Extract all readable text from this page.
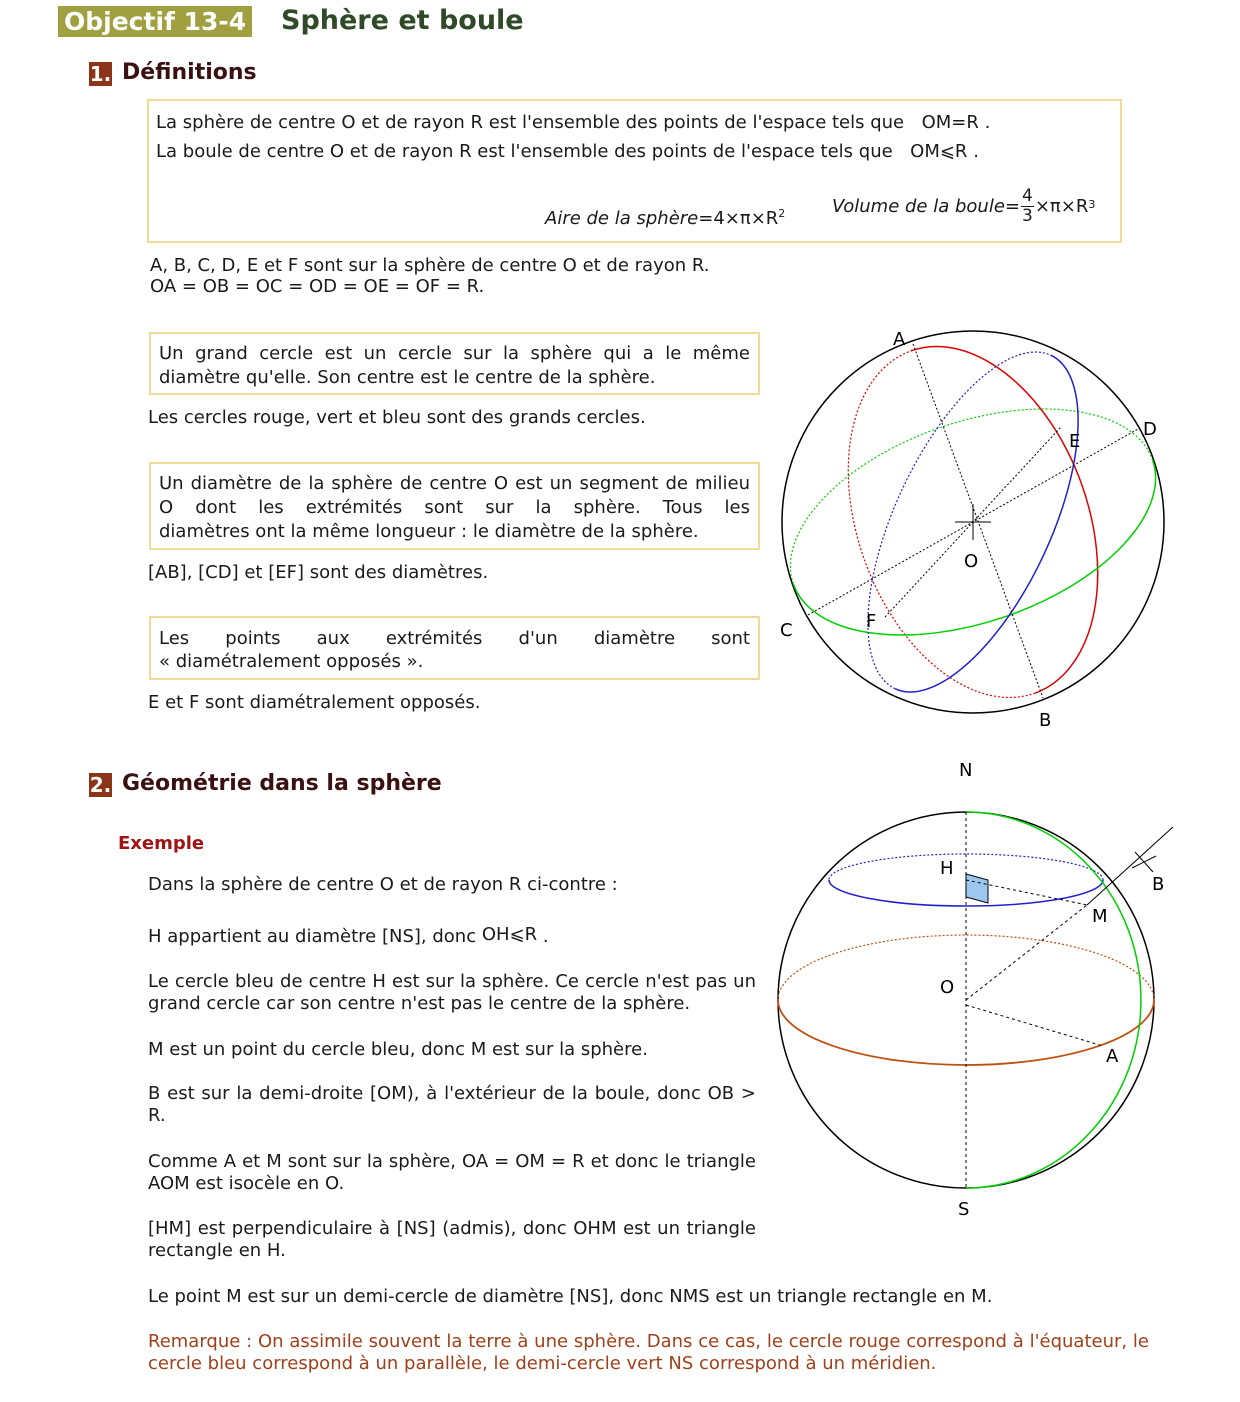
Objectif 13-4 Sphère et boule
1. Définitions
La sphère de centre O et de rayon R est l'ensemble des points de l'espace tels que OM=R .
La boule de centre O et de rayon R est l'ensemble des points de l'espace tels que OM⩽R .
Aire de la $sphère=4\times\pi\times R^2$	Volume de la boule = $\frac{4}{3} \times\pi\times R$ 3
A, B, C, D, E et F sont sur la sphère de centre O et de rayon R.
OA = OB = OC = OD = OE = OF = R.
Un grand cercle est un cercle sur la sphère qui a le même diamètre qu'elle. Son centre est le centre de la sphère.
Les cercles rouge, vert et bleu sont des grands cercles.
Un diamètre de la sphère de centre O est un segment de milieu O dont les extrémités sont sur la sphère. Tous les
diamètres ont la même longueur : le diamètre de la sphère.
[AB], [CD] et [EF] sont des diamètres.
Les points aux extrémités d'un diamètre sont
« diamétralement opposés ».
E et F sont diamétralement opposés.
A
B
C
D
E
F
O
2. Géométrie dans la sphère
Exemple
Dans la sphère de centre O et de rayon R ci-contre :
H appartient au diamètre [NS], donc OH⩽R .
Le cercle bleu de centre H est sur la sphère. Ce cercle n'est pas un grand cercle car son centre n'est pas le centre de la sphère.
M est un point du cercle bleu, donc M est sur la sphère.
B est sur la demi-droite [OM), à l'extérieur de la boule, donc OB > R.
Comme A et M sont sur la sphère, OA = OM = R et donc le triangle AOM est isocèle en O.
[HM] est perpendiculaire à [NS] (admis), donc OHM est un triangle rectangle en H.
Le point M est sur un demi-cercle de diamètre [NS], donc NMS est un triangle rectangle en M.
Remarque : On assimile souvent la terre à une sphère. Dans ce cas, le cercle rouge correspond à l'équateur, le cercle bleu correspond à un parallèle, le demi-cercle vert NS correspond à un méridien.
N
S
H
M
O
A
B
